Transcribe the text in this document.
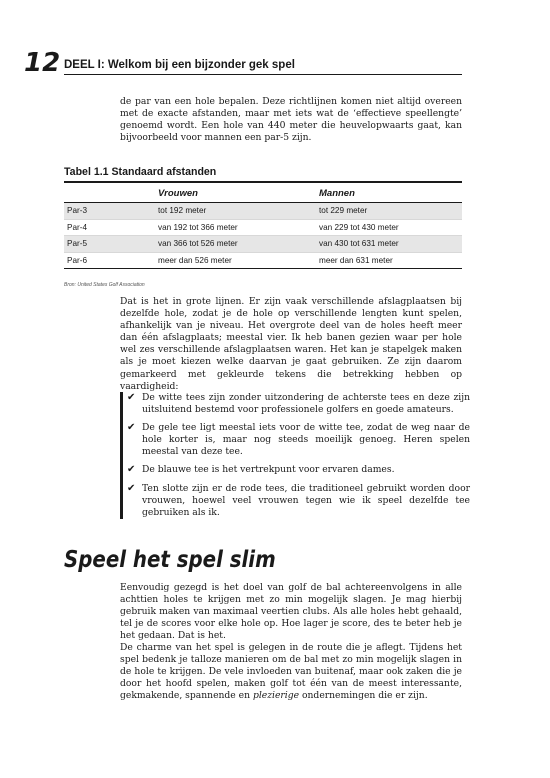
12 DEEL I: Welkom bij een bijzonder gek spel

de par van een hole bepalen. Deze richtlijnen komen niet altijd overeen met de exacte afstanden, maar met iets wat de ‘effectieve speellengte’ genoemd wordt. Een hole van 440 meter die heuvelopwaarts gaat, kan bijvoorbeeld voor mannen een par-5 zijn.

Tabel 1.1 Standaard afstanden
	Vrouwen	Mannen
Par-3	tot 192 meter	tot 229 meter
Par-4	van 192 tot 366 meter	van 229 tot 430 meter
Par-5	van 366 tot 526 meter	van 430 tot 631 meter
Par-6	meer dan 526 meter	meer dan 631 meter
Bron: United States Golf Association

Dat is het in grote lijnen. Er zijn vaak verschillende afslagplaatsen bij dezelfde hole, zodat je de hole op verschillende lengten kunt spelen, afhankelijk van je niveau. Het overgrote deel van de holes heeft meer dan één afslagplaats; meestal vier. Ik heb banen gezien waar per hole wel zes verschillende afslagplaatsen waren. Het kan je stapelgek maken als je moet kiezen welke daarvan je gaat gebruiken. Ze zijn daarom gemarkeerd met gekleurde tekens die betrekking hebben op vaardigheid:

✔ De witte tees zijn zonder uitzondering de achterste tees en deze zijn uitsluitend bestemd voor professionele golfers en goede amateurs.
✔ De gele tee ligt meestal iets voor de witte tee, zodat de weg naar de hole korter is, maar nog steeds moeilijk genoeg. Heren spelen meestal van deze tee.
✔ De blauwe tee is het vertrekpunt voor ervaren dames.
✔ Ten slotte zijn er de rode tees, die traditioneel gebruikt worden door vrouwen, hoewel veel vrouwen tegen wie ik speel dezelfde tee gebruiken als ik.
Speel het spel slim

Eenvoudig gezegd is het doel van golf de bal achtereenvolgens in alle achttien holes te krijgen met zo min mogelijk slagen. Je mag hierbij gebruik maken van maximaal veertien clubs. Als alle holes hebt gehaald, tel je de scores voor elke hole op. Hoe lager je score, des te beter heb je het gedaan. Dat is het.

De charme van het spel is gelegen in de route die je aflegt. Tijdens het spel bedenk je talloze manieren om de bal met zo min mogelijk slagen in de hole te krijgen. De vele invloeden van buitenaf, maar ook zaken die je door het hoofd spelen, maken golf tot één van de meest interessante, gekmakende, spannende en plezierige ondernemingen die er zijn.
